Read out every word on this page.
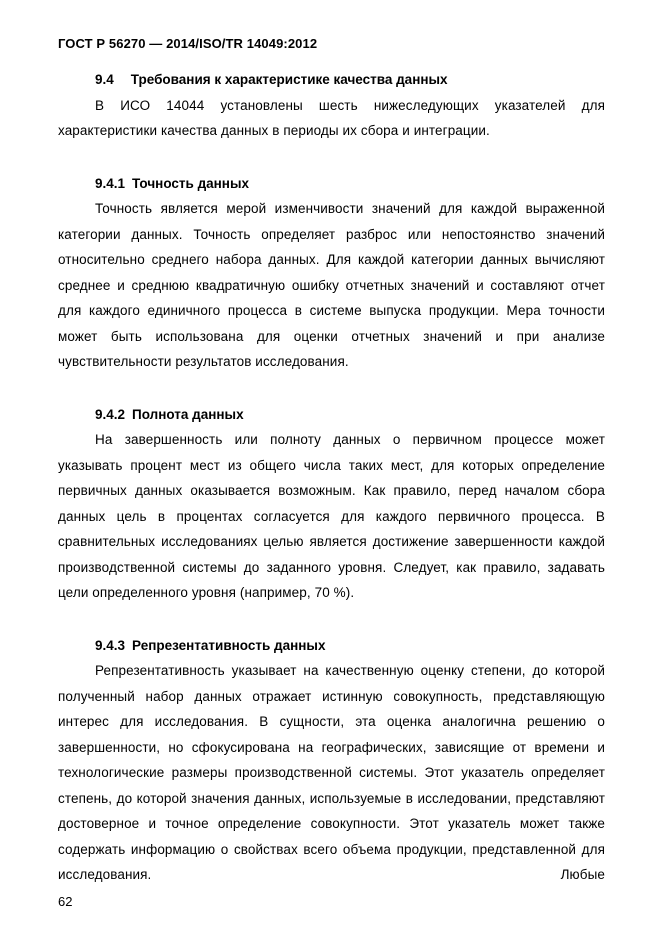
ГОСТ Р 56270 — 2014/ISO/TR 14049:2012
9.4 Требования к характеристике качества данных

В ИСО 14044 установлены шесть нижеследующих указателей для характеристики качества данных в периоды их сбора и интеграции.

9.4.1 Точность данных

Точность является мерой изменчивости значений для каждой выраженной категории данных. Точность определяет разброс или непостоянство значений относительно среднего набора данных. Для каждой категории данных вычисляют среднее и среднюю квадратичную ошибку отчетных значений и составляют отчет для каждого единичного процесса в системе выпуска продукции. Мера точности может быть использована для оценки отчетных значений и при анализе чувствительности результатов исследования.

9.4.2 Полнота данных

На завершенность или полноту данных о первичном процессе может указывать процент мест из общего числа таких мест, для которых определение первичных данных оказывается возможным. Как правило, перед началом сбора данных цель в процентах согласуется для каждого первичного процесса. В сравнительных исследованиях целью является достижение завершенности каждой производственной системы до заданного уровня. Следует, как правило, задавать цели определенного уровня (например, 70 %).

9.4.3 Репрезентативность данных

Репрезентативность указывает на качественную оценку степени, до которой полученный набор данных отражает истинную совокупность, представляющую интерес для исследования. В сущности, эта оценка аналогична решению о завершенности, но сфокусирована на географических, зависящие от времени и технологические размеры производственной системы. Этот указатель определяет степень, до которой значения данных, используемые в исследовании, представляют достоверное и точное определение совокупности. Этот указатель может также содержать информацию о свойствах всего объема продукции, представленной для исследования. Любые

62
